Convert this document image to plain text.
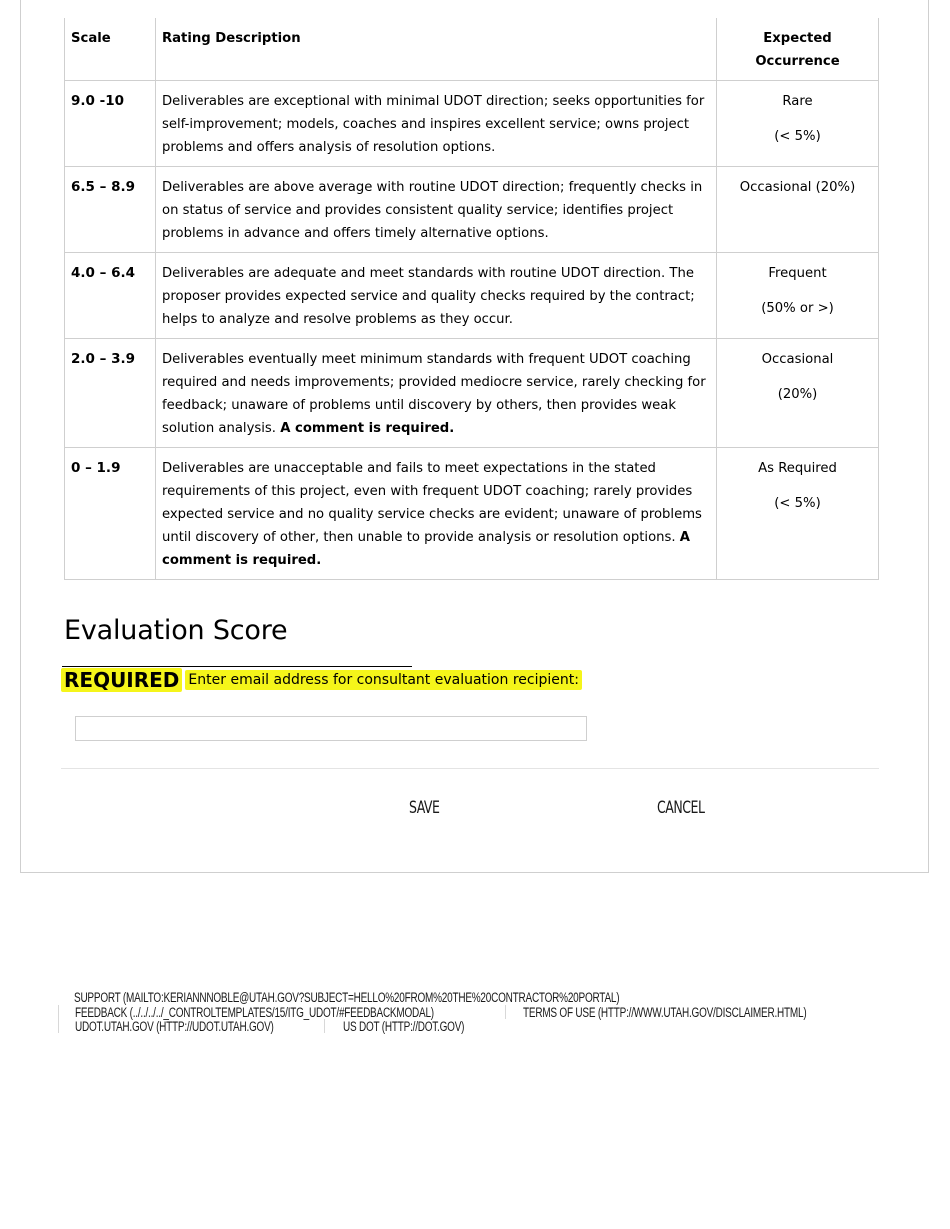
Scale	Rating Description	Expected Occurrence
9.0 -10	Deliverables are exceptional with minimal UDOT direction; seeks opportunities for self-improvement; models, coaches and inspires excellent service; owns project problems and offers analysis of resolution options.	Rare
(< 5%)

6.5 – 8.9	Deliverables are above average with routine UDOT direction; frequently checks in on status of service and provides consistent quality service; identifies project problems in advance and offers timely alternative options.	Occasional (20%)
4.0 – 6.4	Deliverables are adequate and meet standards with routine UDOT direction. The proposer provides expected service and quality checks required by the contract; helps to analyze and resolve problems as they occur.	Frequent
(50% or >)

2.0 – 3.9	Deliverables eventually meet minimum standards with frequent UDOT coaching required and needs improvements; provided mediocre service, rarely checking for feedback; unaware of problems until discovery by others, then provides weak solution analysis. A comment is required.	Occasional
(20%)

0 – 1.9	Deliverables are unacceptable and fails to meet expectations in the stated requirements of this project, even with frequent UDOT coaching; rarely provides expected service and no quality service checks are evident; unaware of problems until discovery of other, then unable to provide analysis or resolution options. A comment is required.	As Required
(< 5%)
Evaluation Score
REQUIRED Enter email address for consultant evaluation recipient:
SAVE	CANCEL
SUPPORT (MAILTO:KERIANNNOBLE@UTAH.GOV?SUBJECT=HELLO%20FROM%20THE%20CONTRACTOR%20PORTAL)
FEEDBACK (../../../../_CONTROLTEMPLATES/15/ITG_UDOT/#FEEDBACKMODAL)	TERMS OF USE (HTTP://WWW.UTAH.GOV/DISCLAIMER.HTML)
UDOT.UTAH.GOV (HTTP://UDOT.UTAH.GOV)	US DOT (HTTP://DOT.GOV)
